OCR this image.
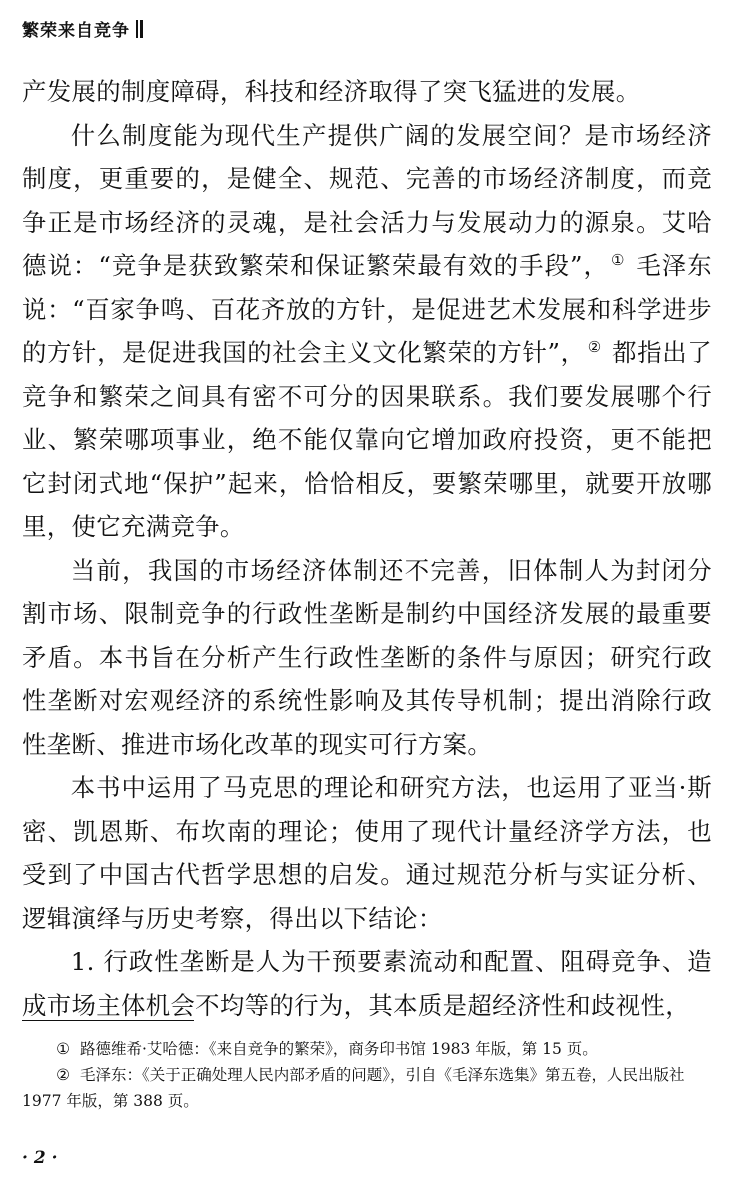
繁荣来自竞争

产发展的制度障碍，科技和经济取得了突飞猛进的发展。

什么制度能为现代生产提供广阔的发展空间？是市场经济制度，更重要的，是健全、规范、完善的市场经济制度，而竞争正是市场经济的灵魂，是社会活力与发展动力的源泉。艾哈德说：“竞争是获致繁荣和保证繁荣最有效的手段”， ① 毛泽东说：“百家争鸣、百花齐放的方针，是促进艺术发展和科学进步的方针，是促进我国的社会主义文化繁荣的方针”， ② 都指出了竞争和繁荣之间具有密不可分的因果联系。我们要发展哪个行业、繁荣哪项事业，绝不能仅靠向它增加政府投资，更不能把它封闭式地“保护”起来，恰恰相反，要繁荣哪里，就要开放哪里，使它充满竞争。

当前，我国的市场经济体制还不完善，旧体制人为封闭分割市场、限制竞争的行政性垄断是制约中国经济发展的最重要矛盾。本书旨在分析产生行政性垄断的条件与原因；研究行政性垄断对宏观经济的系统性影响及其传导机制；提出消除行政性垄断、推进市场化改革的现实可行方案。

本书中运用了马克思的理论和研究方法，也运用了亚当·斯密、凯恩斯、布坎南的理论；使用了现代计量经济学方法，也受到了中国古代哲学思想的启发。通过规范分析与实证分析、逻辑演绎与历史考察，得出以下结论：

1. 行政性垄断是人为干预要素流动和配置、阻碍竞争、造成市场主体机会不均等的行为，其本质是超经济性和歧视性，

① 路德维希·艾哈德：《来自竞争的繁荣》，商务印书馆 1983 年版，第 15 页。

② 毛泽东：《关于正确处理人民内部矛盾的问题》，引自《毛泽东选集》第五卷，人民出版社 1977 年版，第 388 页。

· 2 ·
